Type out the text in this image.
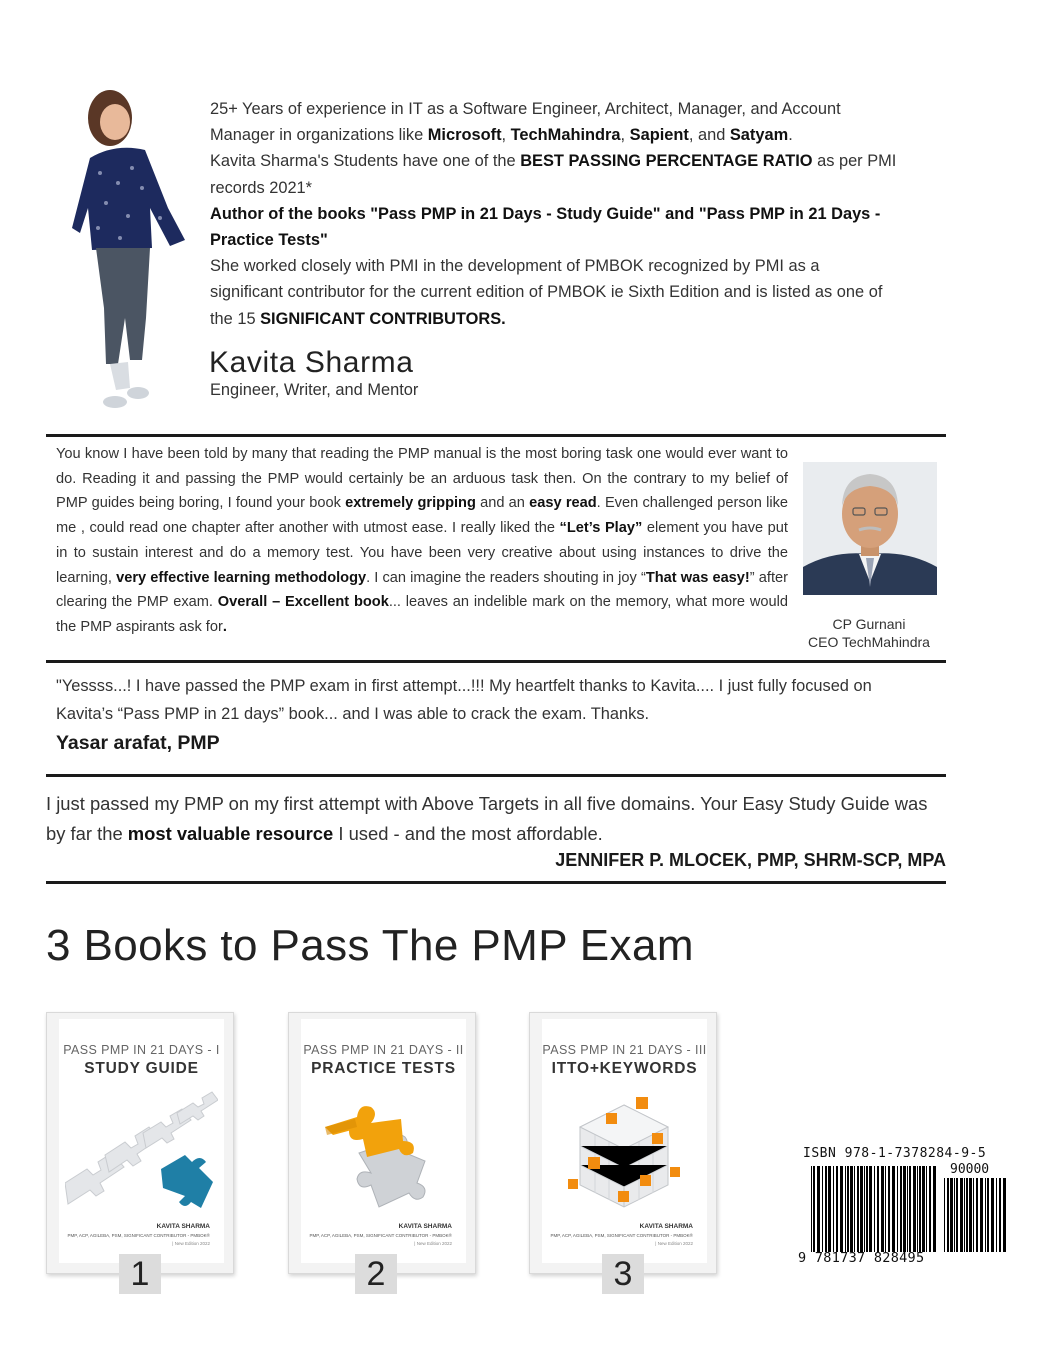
25+ Years of experience in IT as a Software Engineer, Architect, Manager, and Account
Manager in organizations like Microsoft, TechMahindra, Sapient, and Satyam.
Kavita Sharma's Students have one of the BEST PASSING PERCENTAGE RATIO as per PMI
records 2021*
Author of the books "Pass PMP in 21 Days - Study Guide" and "Pass PMP in 21 Days -
Practice Tests"
She worked closely with PMI in the development of PMBOK recognized by PMI as a
significant contributor for the current edition of PMBOK ie Sixth Edition and is listed as one of
the 15 SIGNIFICANT CONTRIBUTORS.
Kavita Sharma
Engineer, Writer, and Mentor
You know I have been told by many that reading the PMP manual is the most boring task one would ever want to do. Reading it and passing the PMP would certainly be an arduous task then. On the contrary to my belief of PMP guides being boring, I found your book extremely gripping and an easy read. Even challenged person like me , could read one chapter after another with utmost ease. I really liked the “Let’s Play” element you have put in to sustain interest and do a memory test. You have been very creative about using instances to drive the learning, very effective learning methodology. I can imagine the readers shouting in joy “That was easy!” after clearing the PMP exam. Overall – Excellent book... leaves an indelible mark on the memory, what more would the PMP aspirants ask for.	CP Gurnani
CEO TechMahindra
"Yessss...! I have passed the PMP exam in first attempt...!!! My heartfelt thanks to Kavita.... I just fully focused on
Kavita’s “Pass PMP in 21 days” book... and I was able to crack the exam. Thanks.
Yasar arafat, PMP
I just passed my PMP on my first attempt with Above Targets in all five domains. Your Easy Study Guide was by far the most valuable resource I used - and the most affordable.
JENNIFER P. MLOCEK, PMP, SHRM-SCP, MPA
3 Books to Pass The PMP Exam
PASS PMP IN 21 DAYS - I
STUDY GUIDE
KAVITA SHARMA
PMP, ACP, AGILEBA, PSM, SIGNIFICANT CONTRIBUTOR - PMBOK®
| New Edition 2022
1
PASS PMP IN 21 DAYS - II
PRACTICE TESTS
KAVITA SHARMA
PMP, ACP, AGILEBA, PSM, SIGNIFICANT CONTRIBUTOR - PMBOK®
| New Edition 2022
2
PASS PMP IN 21 DAYS - III
ITTO+KEYWORDS
KAVITA SHARMA
PMP, ACP, AGILEBA, PSM, SIGNIFICANT CONTRIBUTOR - PMBOK®
| New Edition 2022
3
ISBN 978-1-7378284-9-5
90000
9 781737 828495
